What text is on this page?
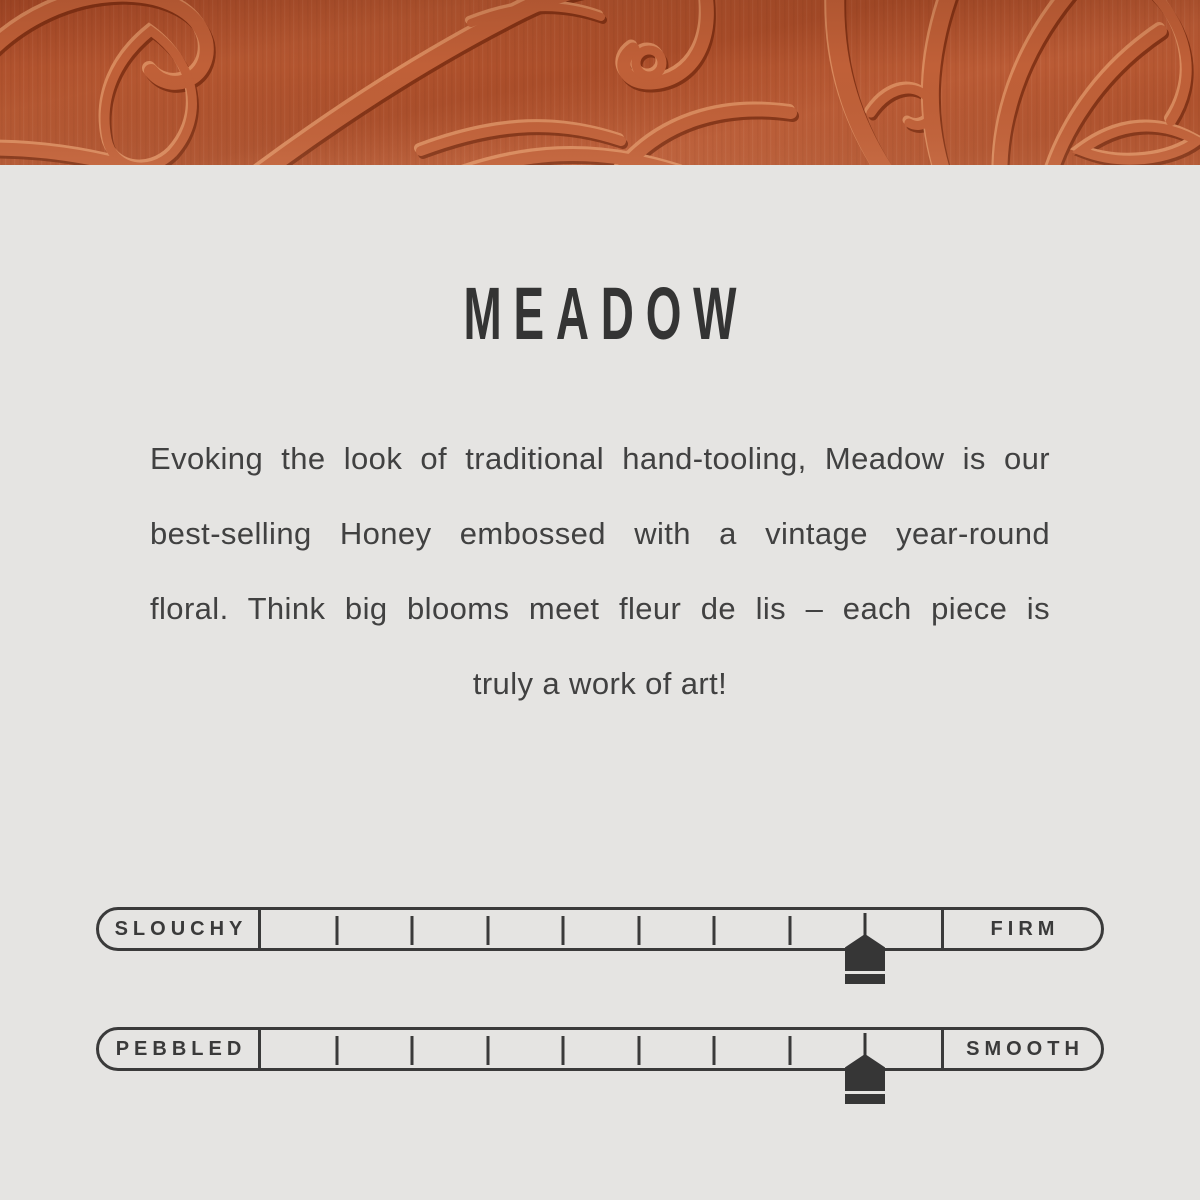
MEADOW
Evoking the look of traditional hand-tooling, Meadow is our
best-selling Honey embossed with a vintage year-round
floral. Think big blooms meet fleur de lis – each piece is
truly a work of art!
SLOUCHY	FIRM
PEBBLED	SMOOTH
